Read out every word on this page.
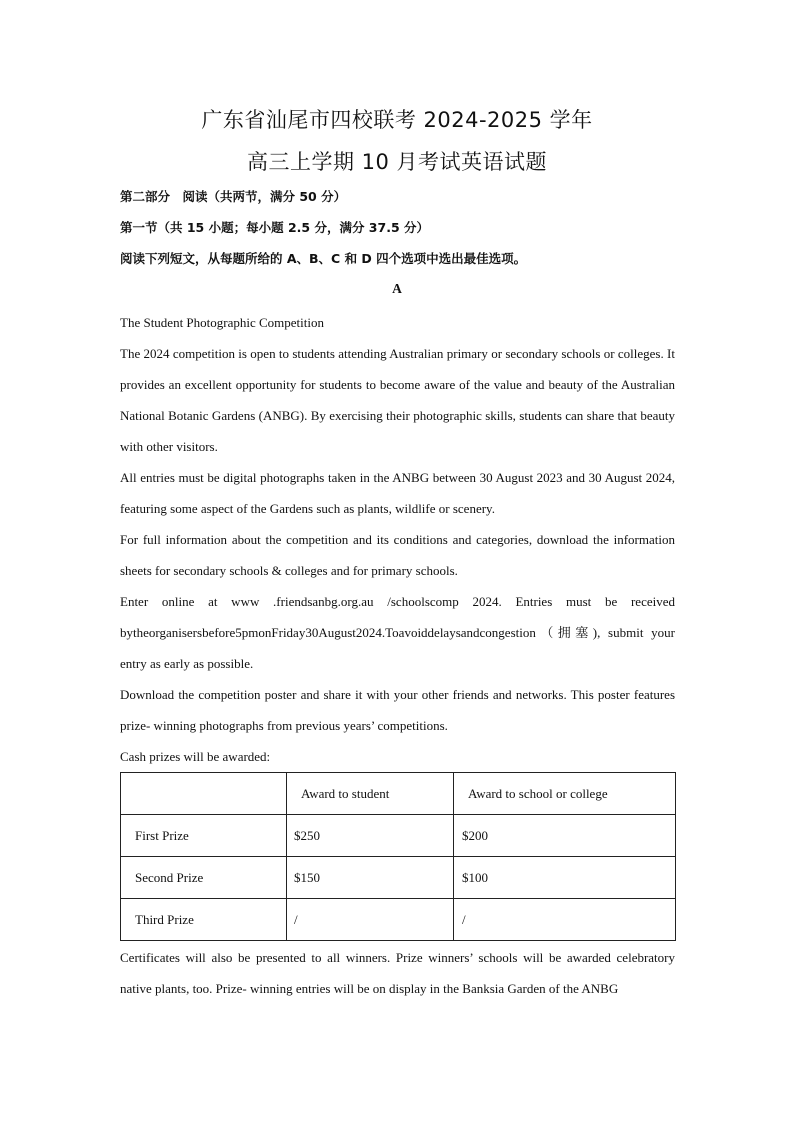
广东省汕尾市四校联考 2024-2025 学年
高三上学期 10 月考试英语试题
第二部分　阅读（共两节，满分 50 分）
第一节（共 15 小题；每小题 2.5 分，满分 37.5 分）
阅读下列短文，从每题所给的 A、B、C 和 D 四个选项中选出最佳选项。
A
The Student Photographic Competition

The 2024 competition is open to students attending Australian primary or secondary schools or colleges. It provides an excellent opportunity for students to become aware of the value and beauty of the Australian National Botanic Gardens (ANBG). By exercising their photographic skills, students can share that beauty with other visitors.

All entries must be digital photographs taken in the ANBG between 30 August 2023 and 30 August 2024, featuring some aspect of the Gardens such as plants, wildlife or scenery.

For full information about the competition and its conditions and categories, download the information sheets for secondary schools & colleges and for primary schools.

Enter online at www .friendsanbg.org.au /schoolscomp 2024. Entries must be received bytheorganisersbefore5pmonFriday30August2024.Toavoiddelaysandcongestion（拥塞), submit your entry as early as possible.

Download the competition poster and share it with your other friends and networks. This poster features prize- winning photographs from previous years’ competitions.

Cash prizes will be awarded:

	Award to student	Award to school or college
First Prize	$250	$200
Second Prize	$150	$100
Third Prize	/	/

Certificates will also be presented to all winners. Prize winners’ schools will be awarded celebratory native plants, too. Prize- winning entries will be on display in the Banksia Garden of the ANBG
